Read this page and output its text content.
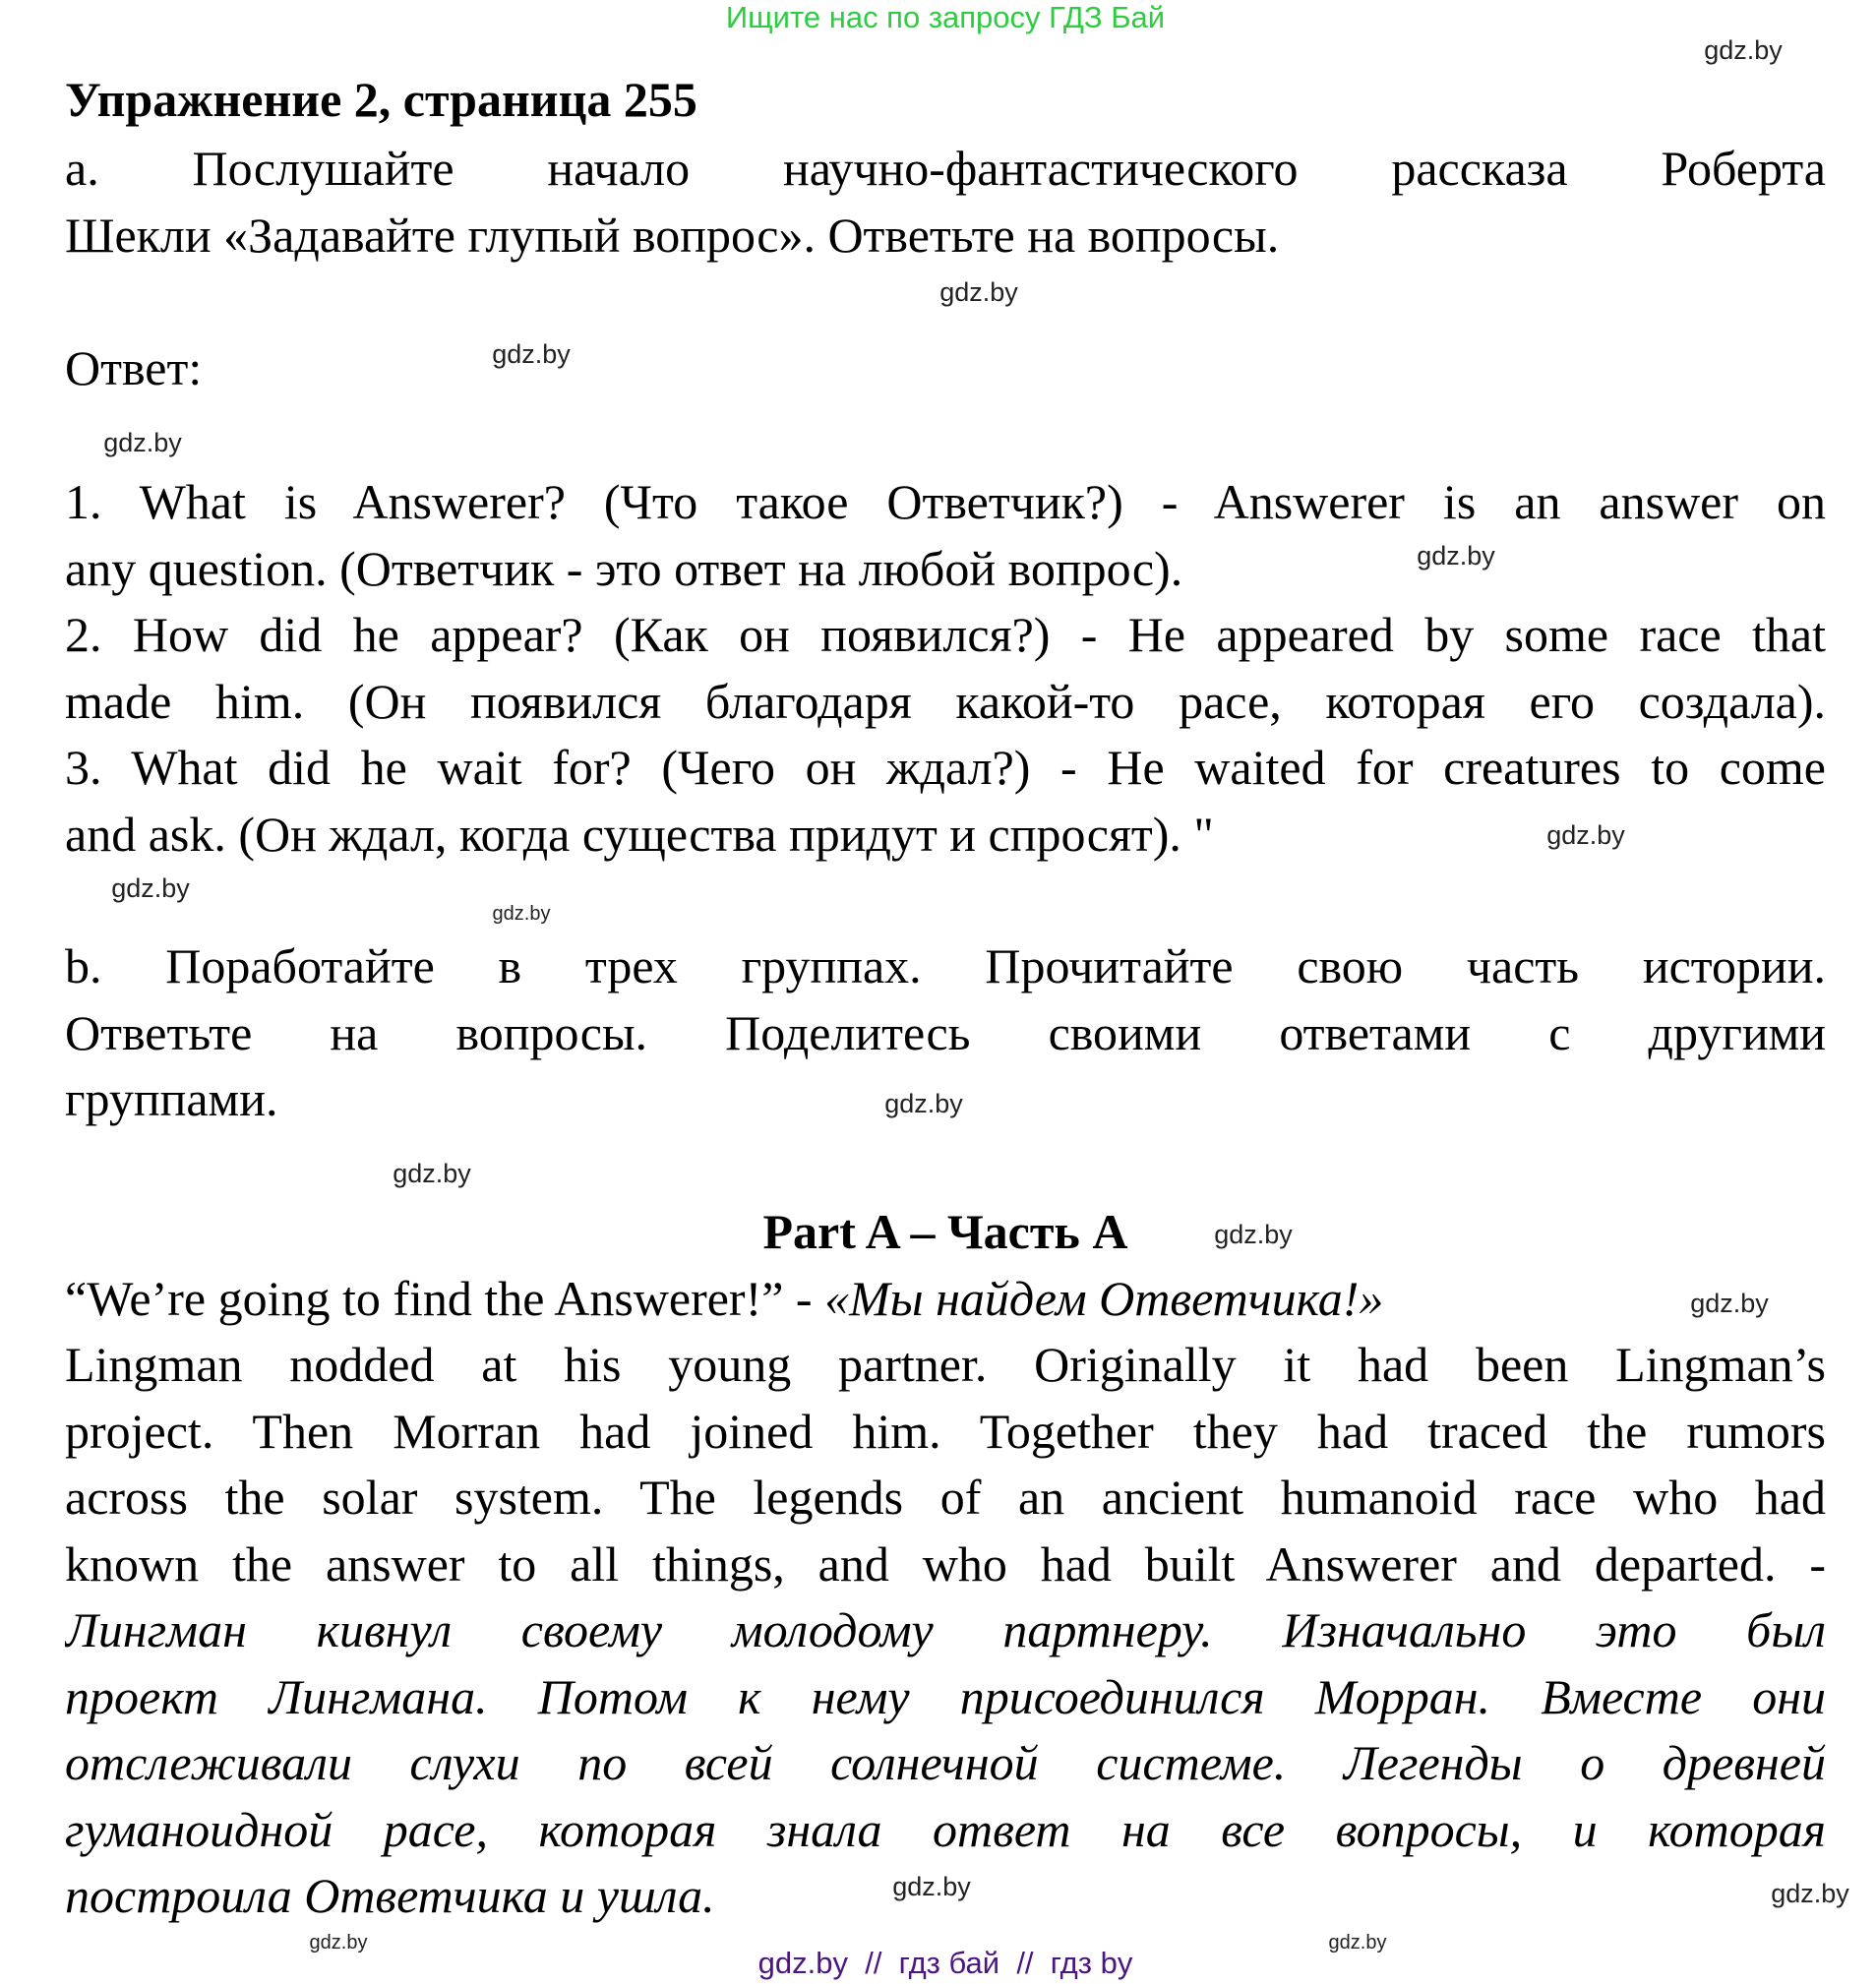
Ищите нас по запросу ГДЗ Бай
Упражнение 2, страница 255
а. Послушайте начало научно-фантастического рассказа Роберта
Шекли «Задавайте глупый вопрос». Ответьте на вопросы.
Ответ:
1. What is Answerer? (Что такое Ответчик?) - Answerer is an answer on
any question. (Ответчик - это ответ на любой вопрос).
2. How did he appear? (Как он появился?) - He appeared by some race that
made him. (Он появился благодаря какой-то расе, которая его создала).
3. What did he wait for? (Чего он ждал?) - He waited for creatures to come
and ask. (Он ждал, когда существа придут и спросят). "
b. Поработайте в трех группах. Прочитайте свою часть истории.
Ответьте на вопросы. Поделитесь своими ответами с другими
группами.
Part A – Часть A
“We’re going to find the Answerer!” - «Мы найдем Ответчика!»
Lingman nodded at his young partner. Originally it had been Lingman’s
project. Then Morran had joined him. Together they had traced the rumors
across the solar system. The legends of an ancient humanoid race who had
known the answer to all things, and who had built Answerer and departed. -
Лингман кивнул своему молодому партнеру. Изначально это был
проект Лингмана. Потом к нему присоединился Морран. Вместе они
отслеживали слухи по всей солнечной системе. Легенды о древней
гуманоидной расе, которая знала ответ на все вопросы, и которая
построила Ответчика и ушла.
gdz.by
gdz.by
gdz.by
gdz.by
gdz.by
gdz.by
gdz.by
gdz.by
gdz.by
gdz.by
gdz.by
gdz.by
gdz.by
gdz.by
gdz.by
gdz.by
gdz.by  //  гдз бай  //  гдз by
